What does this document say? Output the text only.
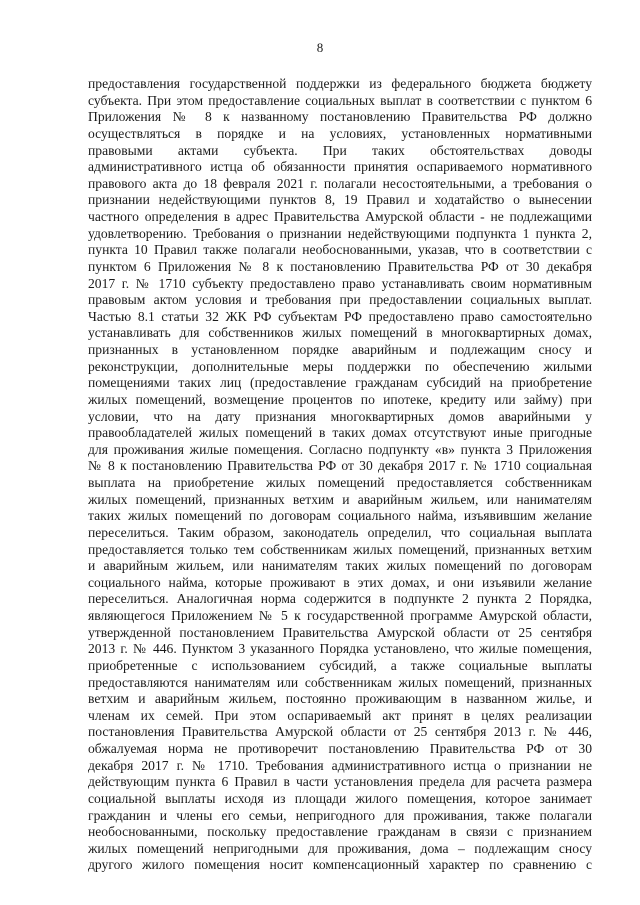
8
предоставления государственной поддержки из федерального бюджета бюджету
субъекта. При этом предоставление социальных выплат в соответствии с пунктом 6
Приложения № 8 к названному постановлению Правительства РФ должно
осуществляться в порядке и на условиях, установленных нормативными
правовыми актами субъекта. При таких обстоятельствах доводы
административного истца об обязанности принятия оспариваемого нормативного
правового акта до 18 февраля 2021 г. полагали несостоятельными, а требования о
признании недействующими пунктов 8, 19 Правил и ходатайство о вынесении
частного определения в адрес Правительства Амурской области - не подлежащими
удовлетворению. Требования о признании недействующими подпункта 1 пункта 2,
пункта 10 Правил также полагали необоснованными, указав, что в соответствии с
пунктом 6 Приложения № 8 к постановлению Правительства РФ от 30 декабря
2017 г. № 1710 субъекту предоставлено право устанавливать своим нормативным
правовым актом условия и требования при предоставлении социальных выплат.
Частью 8.1 статьи 32 ЖК РФ субъектам РФ предоставлено право самостоятельно
устанавливать для собственников жилых помещений в многоквартирных домах,
признанных в установленном порядке аварийным и подлежащим сносу и
реконструкции, дополнительные меры поддержки по обеспечению жилыми
помещениями таких лиц (предоставление гражданам субсидий на приобретение
жилых помещений, возмещение процентов по ипотеке, кредиту или займу) при
условии, что на дату признания многоквартирных домов аварийными у
правообладателей жилых помещений в таких домах отсутствуют иные пригодные
для проживания жилые помещения. Согласно подпункту «в» пункта 3 Приложения
№ 8 к постановлению Правительства РФ от 30 декабря 2017 г. № 1710 социальная
выплата на приобретение жилых помещений предоставляется собственникам
жилых помещений, признанных ветхим и аварийным жильем, или нанимателям
таких жилых помещений по договорам социального найма, изъявившим желание
переселиться. Таким образом, законодатель определил, что социальная выплата
предоставляется только тем собственникам жилых помещений, признанных ветхим
и аварийным жильем, или нанимателям таких жилых помещений по договорам
социального найма, которые проживают в этих домах, и они изъявили желание
переселиться. Аналогичная норма содержится в подпункте 2 пункта 2 Порядка,
являющегося Приложением № 5 к государственной программе Амурской области,
утвержденной постановлением Правительства Амурской области от 25 сентября
2013 г. № 446. Пунктом 3 указанного Порядка установлено, что жилые помещения,
приобретенные с использованием субсидий, а также социальные выплаты
предоставляются нанимателям или собственникам жилых помещений, признанных
ветхим и аварийным жильем, постоянно проживающим в названном жилье, и
членам их семей. При этом оспариваемый акт принят в целях реализации
постановления Правительства Амурской области от 25 сентября 2013 г. № 446,
обжалуемая норма не противоречит постановлению Правительства РФ от 30
декабря 2017 г. № 1710. Требования административного истца о признании не
действующим пункта 6 Правил в части установления предела для расчета размера
социальной выплаты исходя из площади жилого помещения, которое занимает
гражданин и члены его семьи, непригодного для проживания, также полагали
необоснованными, поскольку предоставление гражданам в связи с признанием
жилых помещений непригодными для проживания, дома – подлежащим сносу
другого жилого помещения носит компенсационный характер по сравнению с
